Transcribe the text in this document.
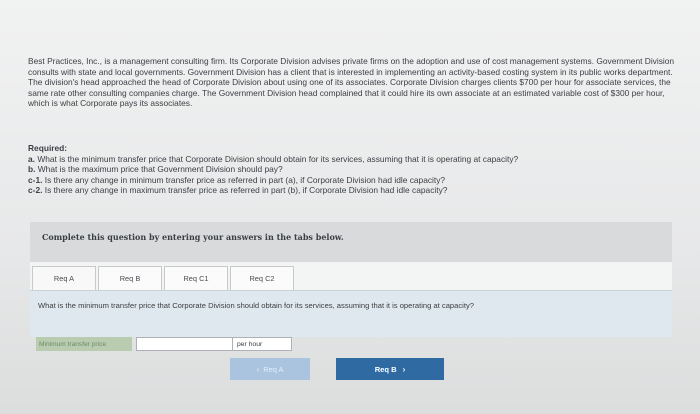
Best Practices, Inc., is a management consulting firm. Its Corporate Division advises private firms on the adoption and use of cost management systems. Government Division consults with state and local governments. Government Division has a client that is interested in implementing an activity-based costing system in its public works department. The division's head approached the head of Corporate Division about using one of its associates. Corporate Division charges clients $700 per hour for associate services, the same rate other consulting companies charge. The Government Division head complained that it could hire its own associate at an estimated variable cost of $300 per hour, which is what Corporate pays its associates.

Required:

a. What is the minimum transfer price that Corporate Division should obtain for its services, assuming that it is operating at capacity?

b. What is the maximum price that Government Division should pay?

c-1. Is there any change in minimum transfer price as referred in part (a), if Corporate Division had idle capacity?

c-2. Is there any change in maximum transfer price as referred in part (b), if Corporate Division had idle capacity?

Complete this question by entering your answers in the tabs below.
Req A	Req B	Req C1	Req C2
What is the minimum transfer price that Corporate Division should obtain for its services, assuming that it is operating at capacity?
Minimum transfer price	per hour
‹ Req A	Req B ›
